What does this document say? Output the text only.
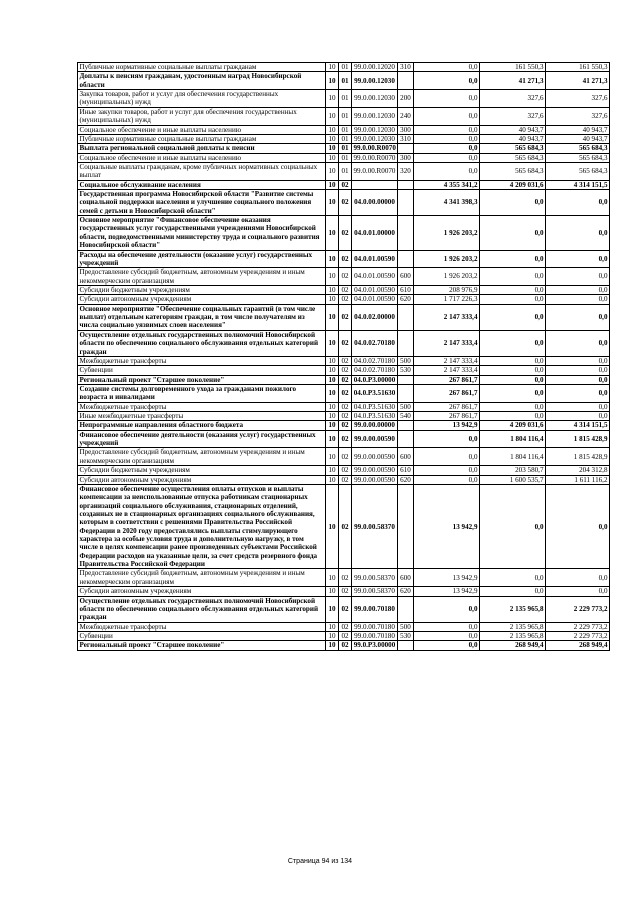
Публичные нормативные социальные выплаты гражданам	10	01	99.0.00.12020	310	0,0	161 550,3	161 550,3
Доплаты к пенсиям гражданам, удостоенным наград Новосибирской области	10	01	99.0.00.12030		0,0	41 271,3	41 271,3
Закупка товаров, работ и услуг для обеспечения государственных (муниципальных) нужд	10	01	99.0.00.12030	200	0,0	327,6	327,6
Иные закупки товаров, работ и услуг для обеспечения государственных (муниципальных) нужд	10	01	99.0.00.12030	240	0,0	327,6	327,6
Социальное обеспечение и иные выплаты населению	10	01	99.0.00.12030	300	0,0	40 943,7	40 943,7
Публичные нормативные социальные выплаты гражданам	10	01	99.0.00.12030	310	0,0	40 943,7	40 943,7
Выплата региональной социальной доплаты к пенсии	10	01	99.0.00.R0070		0,0	565 684,3	565 684,3
Социальное обеспечение и иные выплаты населению	10	01	99.0.00.R0070	300	0,0	565 684,3	565 684,3
Социальные выплаты гражданам, кроме публичных нормативных социальных выплат	10	01	99.0.00.R0070	320	0,0	565 684,3	565 684,3
Социальное обслуживание населения	10	02			4 355 341,2	4 209 031,6	4 314 151,5
Государственная программа Новосибирской области "Развитие системы социальной поддержки населения и улучшение социального положения семей с детьми в Новосибирской области"	10	02	04.0.00.00000		4 341 398,3	0,0	0,0
Основное мероприятие "Финансовое обеспечение оказания государственных услуг государственными учреждениями Новосибирской области, подведомственными министерству труда и социального развития Новосибирской области"	10	02	04.0.01.00000		1 926 203,2	0,0	0,0
Расходы на обеспечение деятельности (оказание услуг) государственных учреждений	10	02	04.0.01.00590		1 926 203,2	0,0	0,0
Предоставление субсидий бюджетным, автономным учреждениям и иным некоммерческим организациям	10	02	04.0.01.00590	600	1 926 203,2	0,0	0,0
Субсидии бюджетным учреждениям	10	02	04.0.01.00590	610	208 976,9	0,0	0,0
Субсидии автономным учреждениям	10	02	04.0.01.00590	620	1 717 226,3	0,0	0,0
Основное мероприятие "Обеспечение социальных гарантий (в том числе выплат) отдельным категориям граждан, в том числе получателям из числа социально уязвимых слоев населения"	10	02	04.0.02.00000		2 147 333,4	0,0	0,0
Осуществление отдельных государственных полномочий Новосибирской области по обеспечению социального обслуживания отдельных категорий граждан	10	02	04.0.02.70180		2 147 333,4	0,0	0,0
Межбюджетные трансферты	10	02	04.0.02.70180	500	2 147 333,4	0,0	0,0
Субвенции	10	02	04.0.02.70180	530	2 147 333,4	0,0	0,0
Региональный проект "Старшее поколение"	10	02	04.0.P3.00000		267 861,7	0,0	0,0
Создание системы долговременного ухода за гражданами пожилого возраста и инвалидами	10	02	04.0.P3.51630		267 861,7	0,0	0,0
Межбюджетные трансферты	10	02	04.0.P3.51630	500	267 861,7	0,0	0,0
Иные межбюджетные трансферты	10	02	04.0.P3.51630	540	267 861,7	0,0	0,0
Непрограммные направления областного бюджета	10	02	99.0.00.00000		13 942,9	4 209 031,6	4 314 151,5
Финансовое обеспечение деятельности (оказания услуг) государственных учреждений	10	02	99.0.00.00590		0,0	1 804 116,4	1 815 428,9
Предоставление субсидий бюджетным, автономным учреждениям и иным некоммерческим организациям	10	02	99.0.00.00590	600	0,0	1 804 116,4	1 815 428,9
Субсидии бюджетным учреждениям	10	02	99.0.00.00590	610	0,0	203 580,7	204 312,8
Субсидии автономным учреждениям	10	02	99.0.00.00590	620	0,0	1 600 535,7	1 611 116,2
Финансовое обеспечение осуществления оплаты отпусков и выплаты компенсации за неиспользованные отпуска работникам стационарных организаций социального обслуживания, стационарных отделений, созданных не в стационарных организациях социального обслуживания, которым в соответствии с решениями Правительства Российской Федерации в 2020 году предоставлялись выплаты стимулирующего характера за особые условия труда и дополнительную нагрузку, в том числе в целях компенсации ранее произведенных субъектами Российской Федерации расходов на указанные цели, за счет средств резервного фонда Правительства Российской Федерации	10	02	99.0.00.58370		13 942,9	0,0	0,0
Предоставление субсидий бюджетным, автономным учреждениям и иным некоммерческим организациям	10	02	99.0.00.58370	600	13 942,9	0,0	0,0
Субсидии автономным учреждениям	10	02	99.0.00.58370	620	13 942,9	0,0	0,0
Осуществление отдельных государственных полномочий Новосибирской области по обеспечению социального обслуживания отдельных категорий граждан	10	02	99.0.00.70180		0,0	2 135 965,8	2 229 773,2
Межбюджетные трансферты	10	02	99.0.00.70180	500	0,0	2 135 965,8	2 229 773,2
Субвенции	10	02	99.0.00.70180	530	0,0	2 135 965,8	2 229 773,2
Региональный проект "Старшее поколение"	10	02	99.0.P3.00000		0,0	268 949,4	268 949,4
Страница 94 из 134
